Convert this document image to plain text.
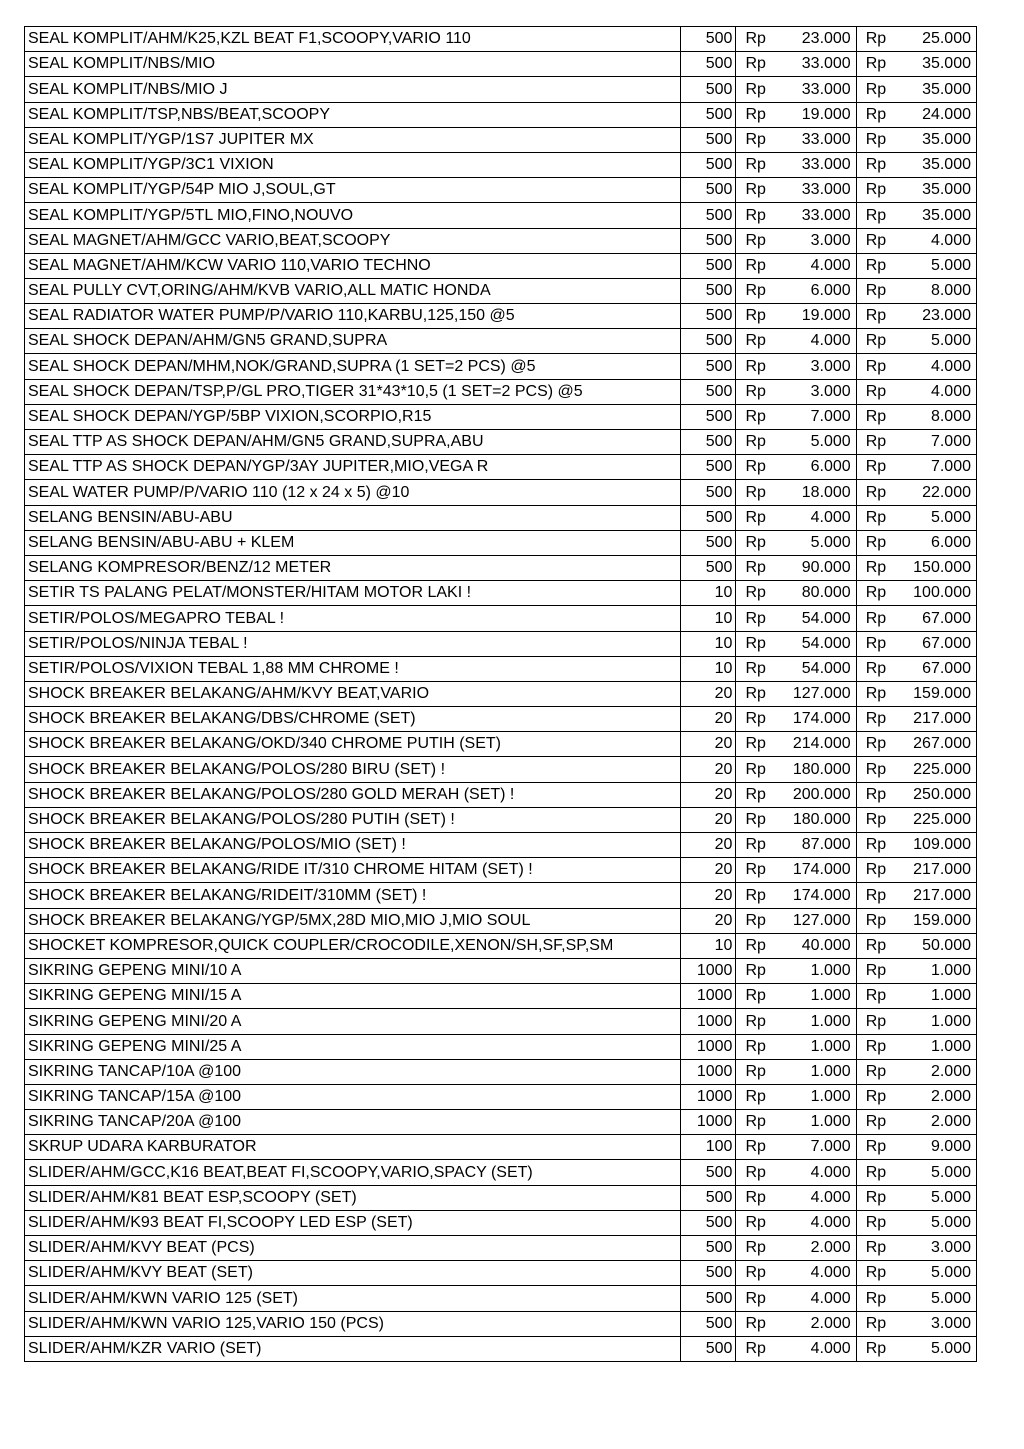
SEAL KOMPLIT/AHM/K25,KZL BEAT F1,SCOOPY,VARIO 110	500	Rp 23.000	Rp 25.000

SEAL KOMPLIT/NBS/MIO	500	Rp 33.000	Rp 35.000

SEAL KOMPLIT/NBS/MIO J	500	Rp 33.000	Rp 35.000

SEAL KOMPLIT/TSP,NBS/BEAT,SCOOPY	500	Rp 19.000	Rp 24.000

SEAL KOMPLIT/YGP/1S7 JUPITER MX	500	Rp 33.000	Rp 35.000

SEAL KOMPLIT/YGP/3C1 VIXION	500	Rp 33.000	Rp 35.000

SEAL KOMPLIT/YGP/54P MIO J,SOUL,GT	500	Rp 33.000	Rp 35.000

SEAL KOMPLIT/YGP/5TL MIO,FINO,NOUVO	500	Rp 33.000	Rp 35.000

SEAL MAGNET/AHM/GCC VARIO,BEAT,SCOOPY	500	Rp 3.000	Rp 4.000

SEAL MAGNET/AHM/KCW VARIO 110,VARIO TECHNO	500	Rp 4.000	Rp 5.000

SEAL PULLY CVT,ORING/AHM/KVB VARIO,ALL MATIC HONDA	500	Rp 6.000	Rp 8.000

SEAL RADIATOR WATER PUMP/P/VARIO 110,KARBU,125,150 @5	500	Rp 19.000	Rp 23.000

SEAL SHOCK DEPAN/AHM/GN5 GRAND,SUPRA	500	Rp 4.000	Rp 5.000

SEAL SHOCK DEPAN/MHM,NOK/GRAND,SUPRA (1 SET=2 PCS) @5	500	Rp 3.000	Rp 4.000

SEAL SHOCK DEPAN/TSP,P/GL PRO,TIGER 31*43*10,5 (1 SET=2 PCS) @5	500	Rp 3.000	Rp 4.000

SEAL SHOCK DEPAN/YGP/5BP VIXION,SCORPIO,R15	500	Rp 7.000	Rp 8.000

SEAL TTP AS SHOCK DEPAN/AHM/GN5 GRAND,SUPRA,ABU	500	Rp 5.000	Rp 7.000

SEAL TTP AS SHOCK DEPAN/YGP/3AY JUPITER,MIO,VEGA R	500	Rp 6.000	Rp 7.000

SEAL WATER PUMP/P/VARIO 110 (12 x 24 x 5) @10	500	Rp 18.000	Rp 22.000

SELANG BENSIN/ABU-ABU	500	Rp 4.000	Rp 5.000

SELANG BENSIN/ABU-ABU + KLEM	500	Rp 5.000	Rp 6.000

SELANG KOMPRESOR/BENZ/12 METER	500	Rp 90.000	Rp 150.000

SETIR TS PALANG PELAT/MONSTER/HITAM MOTOR LAKI !	10	Rp 80.000	Rp 100.000

SETIR/POLOS/MEGAPRO TEBAL !	10	Rp 54.000	Rp 67.000

SETIR/POLOS/NINJA TEBAL !	10	Rp 54.000	Rp 67.000

SETIR/POLOS/VIXION TEBAL 1,88 MM CHROME !	10	Rp 54.000	Rp 67.000

SHOCK BREAKER BELAKANG/AHM/KVY BEAT,VARIO	20	Rp 127.000	Rp 159.000

SHOCK BREAKER BELAKANG/DBS/CHROME (SET)	20	Rp 174.000	Rp 217.000

SHOCK BREAKER BELAKANG/OKD/340 CHROME PUTIH (SET)	20	Rp 214.000	Rp 267.000

SHOCK BREAKER BELAKANG/POLOS/280 BIRU (SET) !	20	Rp 180.000	Rp 225.000

SHOCK BREAKER BELAKANG/POLOS/280 GOLD MERAH (SET) !	20	Rp 200.000	Rp 250.000

SHOCK BREAKER BELAKANG/POLOS/280 PUTIH (SET) !	20	Rp 180.000	Rp 225.000

SHOCK BREAKER BELAKANG/POLOS/MIO (SET) !	20	Rp 87.000	Rp 109.000

SHOCK BREAKER BELAKANG/RIDE IT/310 CHROME HITAM (SET) !	20	Rp 174.000	Rp 217.000

SHOCK BREAKER BELAKANG/RIDEIT/310MM (SET) !	20	Rp 174.000	Rp 217.000

SHOCK BREAKER BELAKANG/YGP/5MX,28D MIO,MIO J,MIO SOUL	20	Rp 127.000	Rp 159.000

SHOCKET KOMPRESOR,QUICK COUPLER/CROCODILE,XENON/SH,SF,SP,SM	10	Rp 40.000	Rp 50.000

SIKRING GEPENG MINI/10 A	1000	Rp 1.000	Rp 1.000

SIKRING GEPENG MINI/15 A	1000	Rp 1.000	Rp 1.000

SIKRING GEPENG MINI/20 A	1000	Rp 1.000	Rp 1.000

SIKRING GEPENG MINI/25 A	1000	Rp 1.000	Rp 1.000

SIKRING TANCAP/10A @100	1000	Rp 1.000	Rp 2.000

SIKRING TANCAP/15A @100	1000	Rp 1.000	Rp 2.000

SIKRING TANCAP/20A @100	1000	Rp 1.000	Rp 2.000

SKRUP UDARA KARBURATOR	100	Rp 7.000	Rp 9.000

SLIDER/AHM/GCC,K16 BEAT,BEAT FI,SCOOPY,VARIO,SPACY (SET)	500	Rp 4.000	Rp 5.000

SLIDER/AHM/K81 BEAT ESP,SCOOPY (SET)	500	Rp 4.000	Rp 5.000

SLIDER/AHM/K93 BEAT FI,SCOOPY LED ESP (SET)	500	Rp 4.000	Rp 5.000

SLIDER/AHM/KVY BEAT (PCS)	500	Rp 2.000	Rp 3.000

SLIDER/AHM/KVY BEAT (SET)	500	Rp 4.000	Rp 5.000

SLIDER/AHM/KWN VARIO 125 (SET)	500	Rp 4.000	Rp 5.000

SLIDER/AHM/KWN VARIO 125,VARIO 150 (PCS)	500	Rp 2.000	Rp 3.000

SLIDER/AHM/KZR VARIO (SET)	500	Rp 4.000	Rp 5.000
